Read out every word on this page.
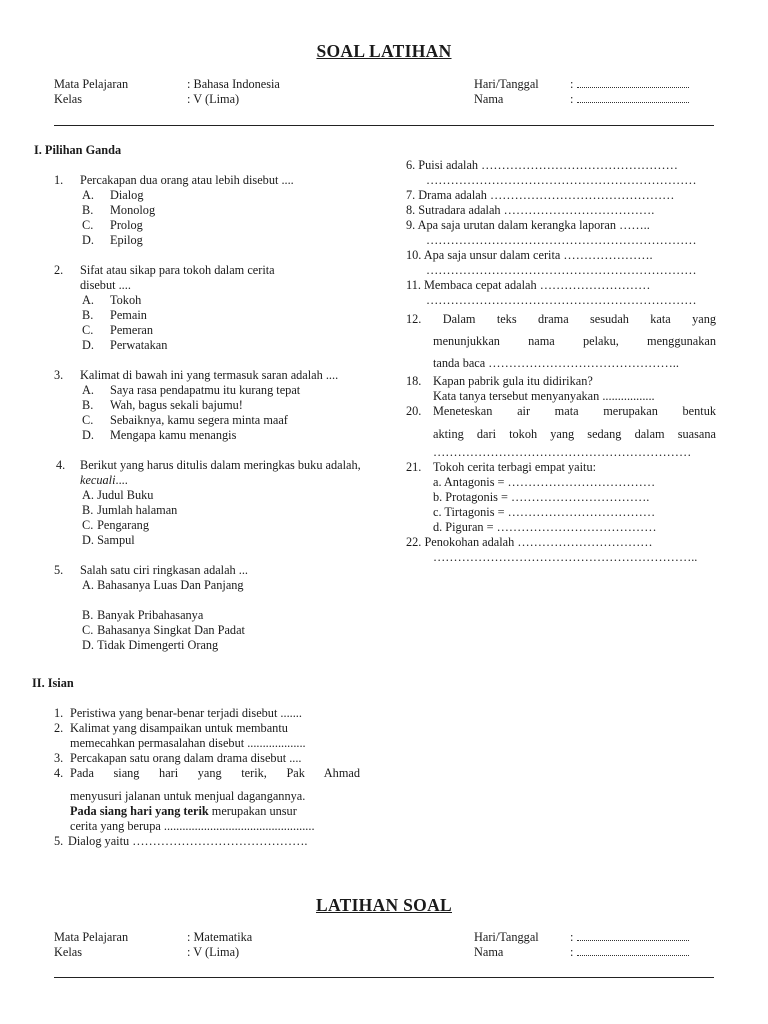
SOAL LATIHAN
Mata Pelajaran	: Bahasa Indonesia
Kelas	: V (Lima)
Hari/Tanggal	:
Nama	:
I. Pilihan Ganda
1.	Percakapan dua orang atau lebih disebut ....
A.	Dialog
B.	Monolog
C.	Prolog
D.	Epilog
2.	Sifat atau sikap para tokoh dalam cerita disebut ....
A.	Tokoh
B.	Pemain
C.	Pemeran
D.	Perwatakan
3.	Kalimat di bawah ini yang termasuk saran adalah ....
A.	Saya rasa pendapatmu itu kurang tepat
B.	Wah, bagus sekali bajumu!
C.	Sebaiknya, kamu segera minta maaf
D.	Mengapa kamu menangis
4.	Berikut yang harus ditulis dalam meringkas buku adalah, kecuali....
A.
Judul Buku
B.
Jumlah halaman
C.
Pengarang
D.
Sampul
5.	Salah satu ciri ringkasan adalah ...
A.
Bahasanya Luas Dan Panjang
B.
Banyak Pribahasanya
C.
Bahasanya Singkat Dan Padat
D.
Tidak Dimengerti Orang
II. Isian
1. Peristiwa yang benar-benar terjadi disebut .......
2. Kalimat yang disampaikan untuk membantu
memecahkan permasalahan disebut ...................
3. Percakapan satu orang dalam drama disebut ....
4. Pada siang hari yang terik, Pak Ahmad
menyusuri jalanan untuk menjual dagangannya.
Pada siang hari yang terik merupakan unsur
cerita yang berupa .................................................
5. Dialog yaitu …………………………………….
6. Puisi adalah …………………………………………
…………………………………………………………
7. Drama adalah ………………………………………
8. Sutradara adalah ……………………………….
9. Apa saja urutan dalam kerangka laporan ……..
…………………………………………………………
10. Apa saja unsur dalam cerita ………………….
…………………………………………………………
11. Membaca cepat adalah ………………………
…………………………………………………………
12. Dalam teks drama sesudah kata yang
menunjukkan nama pelaku, menggunakan
tanda baca ………………………………………..
18. Kapan pabrik gula itu didirikan?
Kata tanya tersebut menyanyakan .................
20. Meneteskan air mata merupakan bentuk
akting dari tokoh yang sedang dalam suasana
………………………………………………………
21. Tokoh cerita terbagi empat yaitu:
a. Antagonis = ………………………………
b. Protagonis = …………………………….
c. Tirtagonis = ………………………………
d. Piguran = …………………………………
22. Penokohan adalah ……………………………
………………………………………………………..
LATIHAN SOAL
Mata Pelajaran	: Matematika
Kelas	: V (Lima)
Hari/Tanggal	:
Nama	:
